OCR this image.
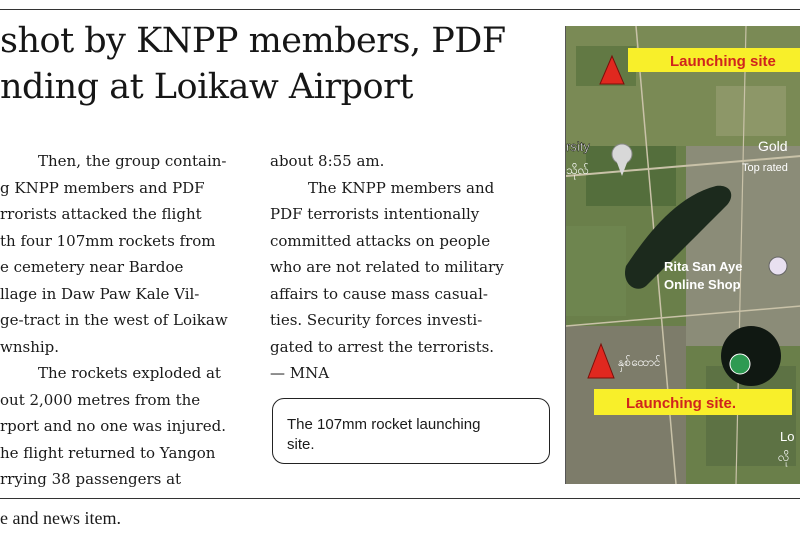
shot by KNPP members, PDF
nding at Loikaw Airport
Then, the group contain-
g KNPP members and PDF
rrorists attacked the flight
th four 107mm rockets from
e cemetery near Bardoe
llage in Daw Paw Kale Vil-
ge-tract in the west of Loikaw
wnship.
The rockets exploded at
out 2,000 metres from the
rport and no one was injured.
he flight returned to Yangon
rrying 38 passengers at
about 8:55 am.
The KNPP members and
PDF terrorists intentionally
committed attacks on people
who are not related to military
affairs to cause mass casual-
ties. Security forces investi-
gated to arrest the terrorists.
— MNA
The 107mm rocket launching
site.
Launching site
Launching site.
rsity
သိုလ်
Gold
Top rated
Rita San Aye
Online Shop
နှစ်ထောင်
Lo
လို
e and news item.
